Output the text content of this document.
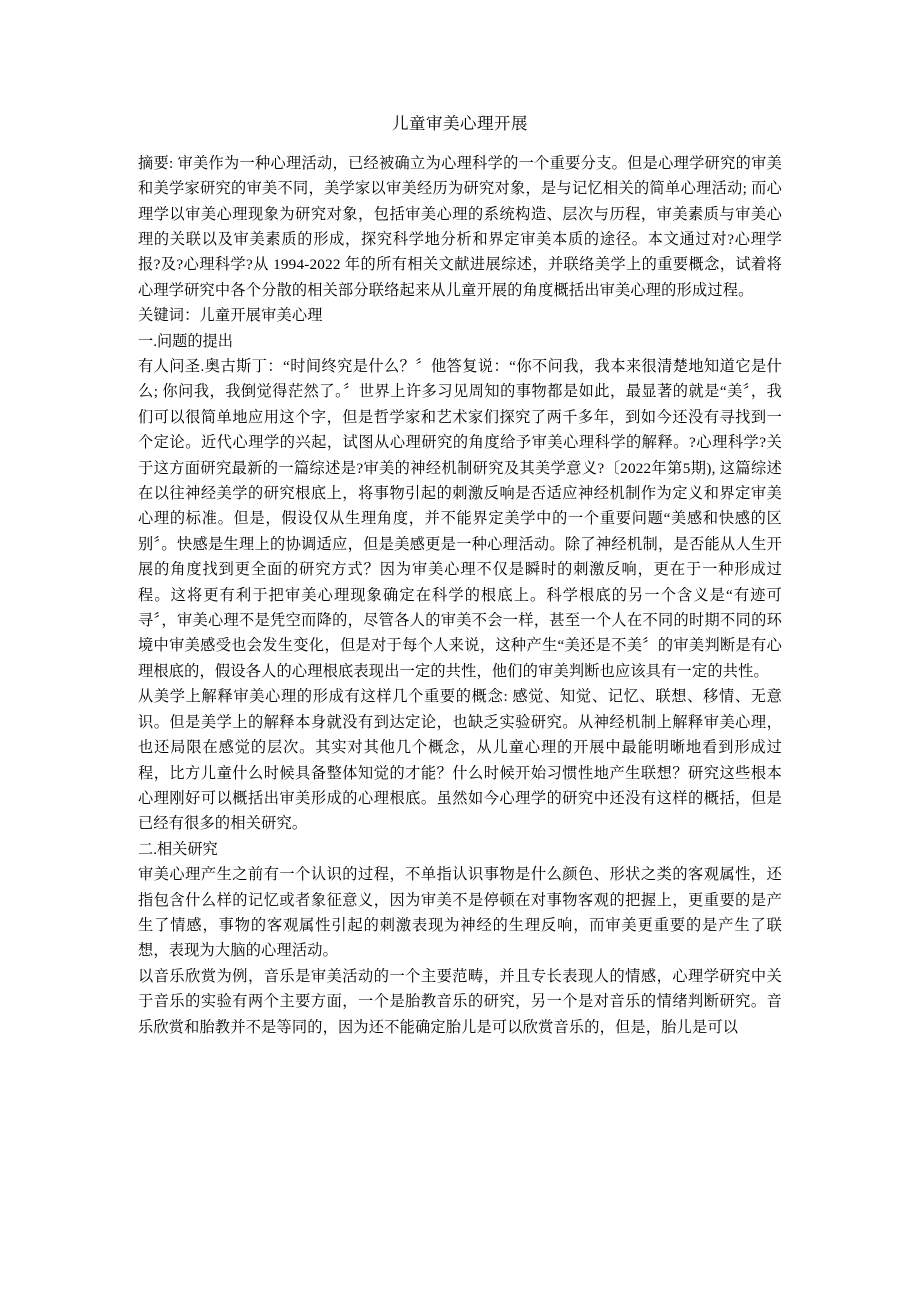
儿童审美心理开展

摘要: 审美作为一种心理活动，已经被确立为心理科学的一个重要分支。但是心理学研究的审美和美学家研究的审美不同，美学家以审美经历为研究对象，是与记忆相关的简单心理活动; 而心理学以审美心理现象为研究对象，包括审美心理的系统构造、层次与历程，审美素质与审美心理的关联以及审美素质的形成，探究科学地分析和界定审美本质的途径。本文通过对?心理学报?及?心理科学?从 1994-2022 年的所有相关文献进展综述，并联络美学上的重要概念，试着将心理学研究中各个分散的相关部分联络起来从儿童开展的角度概括出审美心理的形成过程。

关键词：儿童开展审美心理

一.问题的提出

有人问圣.奥古斯丁：“时间终究是什么？〞他答复说：“你不问我，我本来很清楚地知道它是什么; 你问我，我倒觉得茫然了。〞世界上许多习见周知的事物都是如此，最显著的就是“美〞，我们可以很简单地应用这个字，但是哲学家和艺术家们探究了两千多年，到如今还没有寻找到一个定论。近代心理学的兴起，试图从心理研究的角度给予审美心理科学的解释。?心理科学?关于这方面研究最新的一篇综述是?审美的神经机制研究及其美学意义?〔2022年第5期), 这篇综述在以往神经美学的研究根底上，将事物引起的刺激反响是否适应神经机制作为定义和界定审美心理的标准。但是，假设仅从生理角度，并不能界定美学中的一个重要问题“美感和快感的区别〞。快感是生理上的协调适应，但是美感更是一种心理活动。除了神经机制，是否能从人生开展的角度找到更全面的研究方式？因为审美心理不仅是瞬时的刺激反响，更在于一种形成过程。这将更有利于把审美心理现象确定在科学的根底上。科学根底的另一个含义是“有迹可寻〞，审美心理不是凭空而降的，尽管各人的审美不会一样，甚至一个人在不同的时期不同的环境中审美感受也会发生变化，但是对于每个人来说，这种产生“美还是不美〞的审美判断是有心理根底的，假设各人的心理根底表现出一定的共性，他们的审美判断也应该具有一定的共性。

从美学上解释审美心理的形成有这样几个重要的概念: 感觉、知觉、记忆、联想、移情、无意识。但是美学上的解释本身就没有到达定论，也缺乏实验研究。从神经机制上解释审美心理，也还局限在感觉的层次。其实对其他几个概念，从儿童心理的开展中最能明晰地看到形成过程，比方儿童什么时候具备整体知觉的才能？什么时候开始习惯性地产生联想？研究这些根本心理刚好可以概括出审美形成的心理根底。虽然如今心理学的研究中还没有这样的概括，但是已经有很多的相关研究。

二.相关研究

审美心理产生之前有一个认识的过程，不单指认识事物是什么颜色、形状之类的客观属性，还指包含什么样的记忆或者象征意义，因为审美不是停顿在对事物客观的把握上，更重要的是产生了情感，事物的客观属性引起的刺激表现为神经的生理反响，而审美更重要的是产生了联想，表现为大脑的心理活动。

以音乐欣赏为例，音乐是审美活动的一个主要范畴，并且专长表现人的情感，心理学研究中关于音乐的实验有两个主要方面，一个是胎教音乐的研究，另一个是对音乐的情绪判断研究。音乐欣赏和胎教并不是等同的，因为还不能确定胎儿是可以欣赏音乐的，但是，胎儿是可以
